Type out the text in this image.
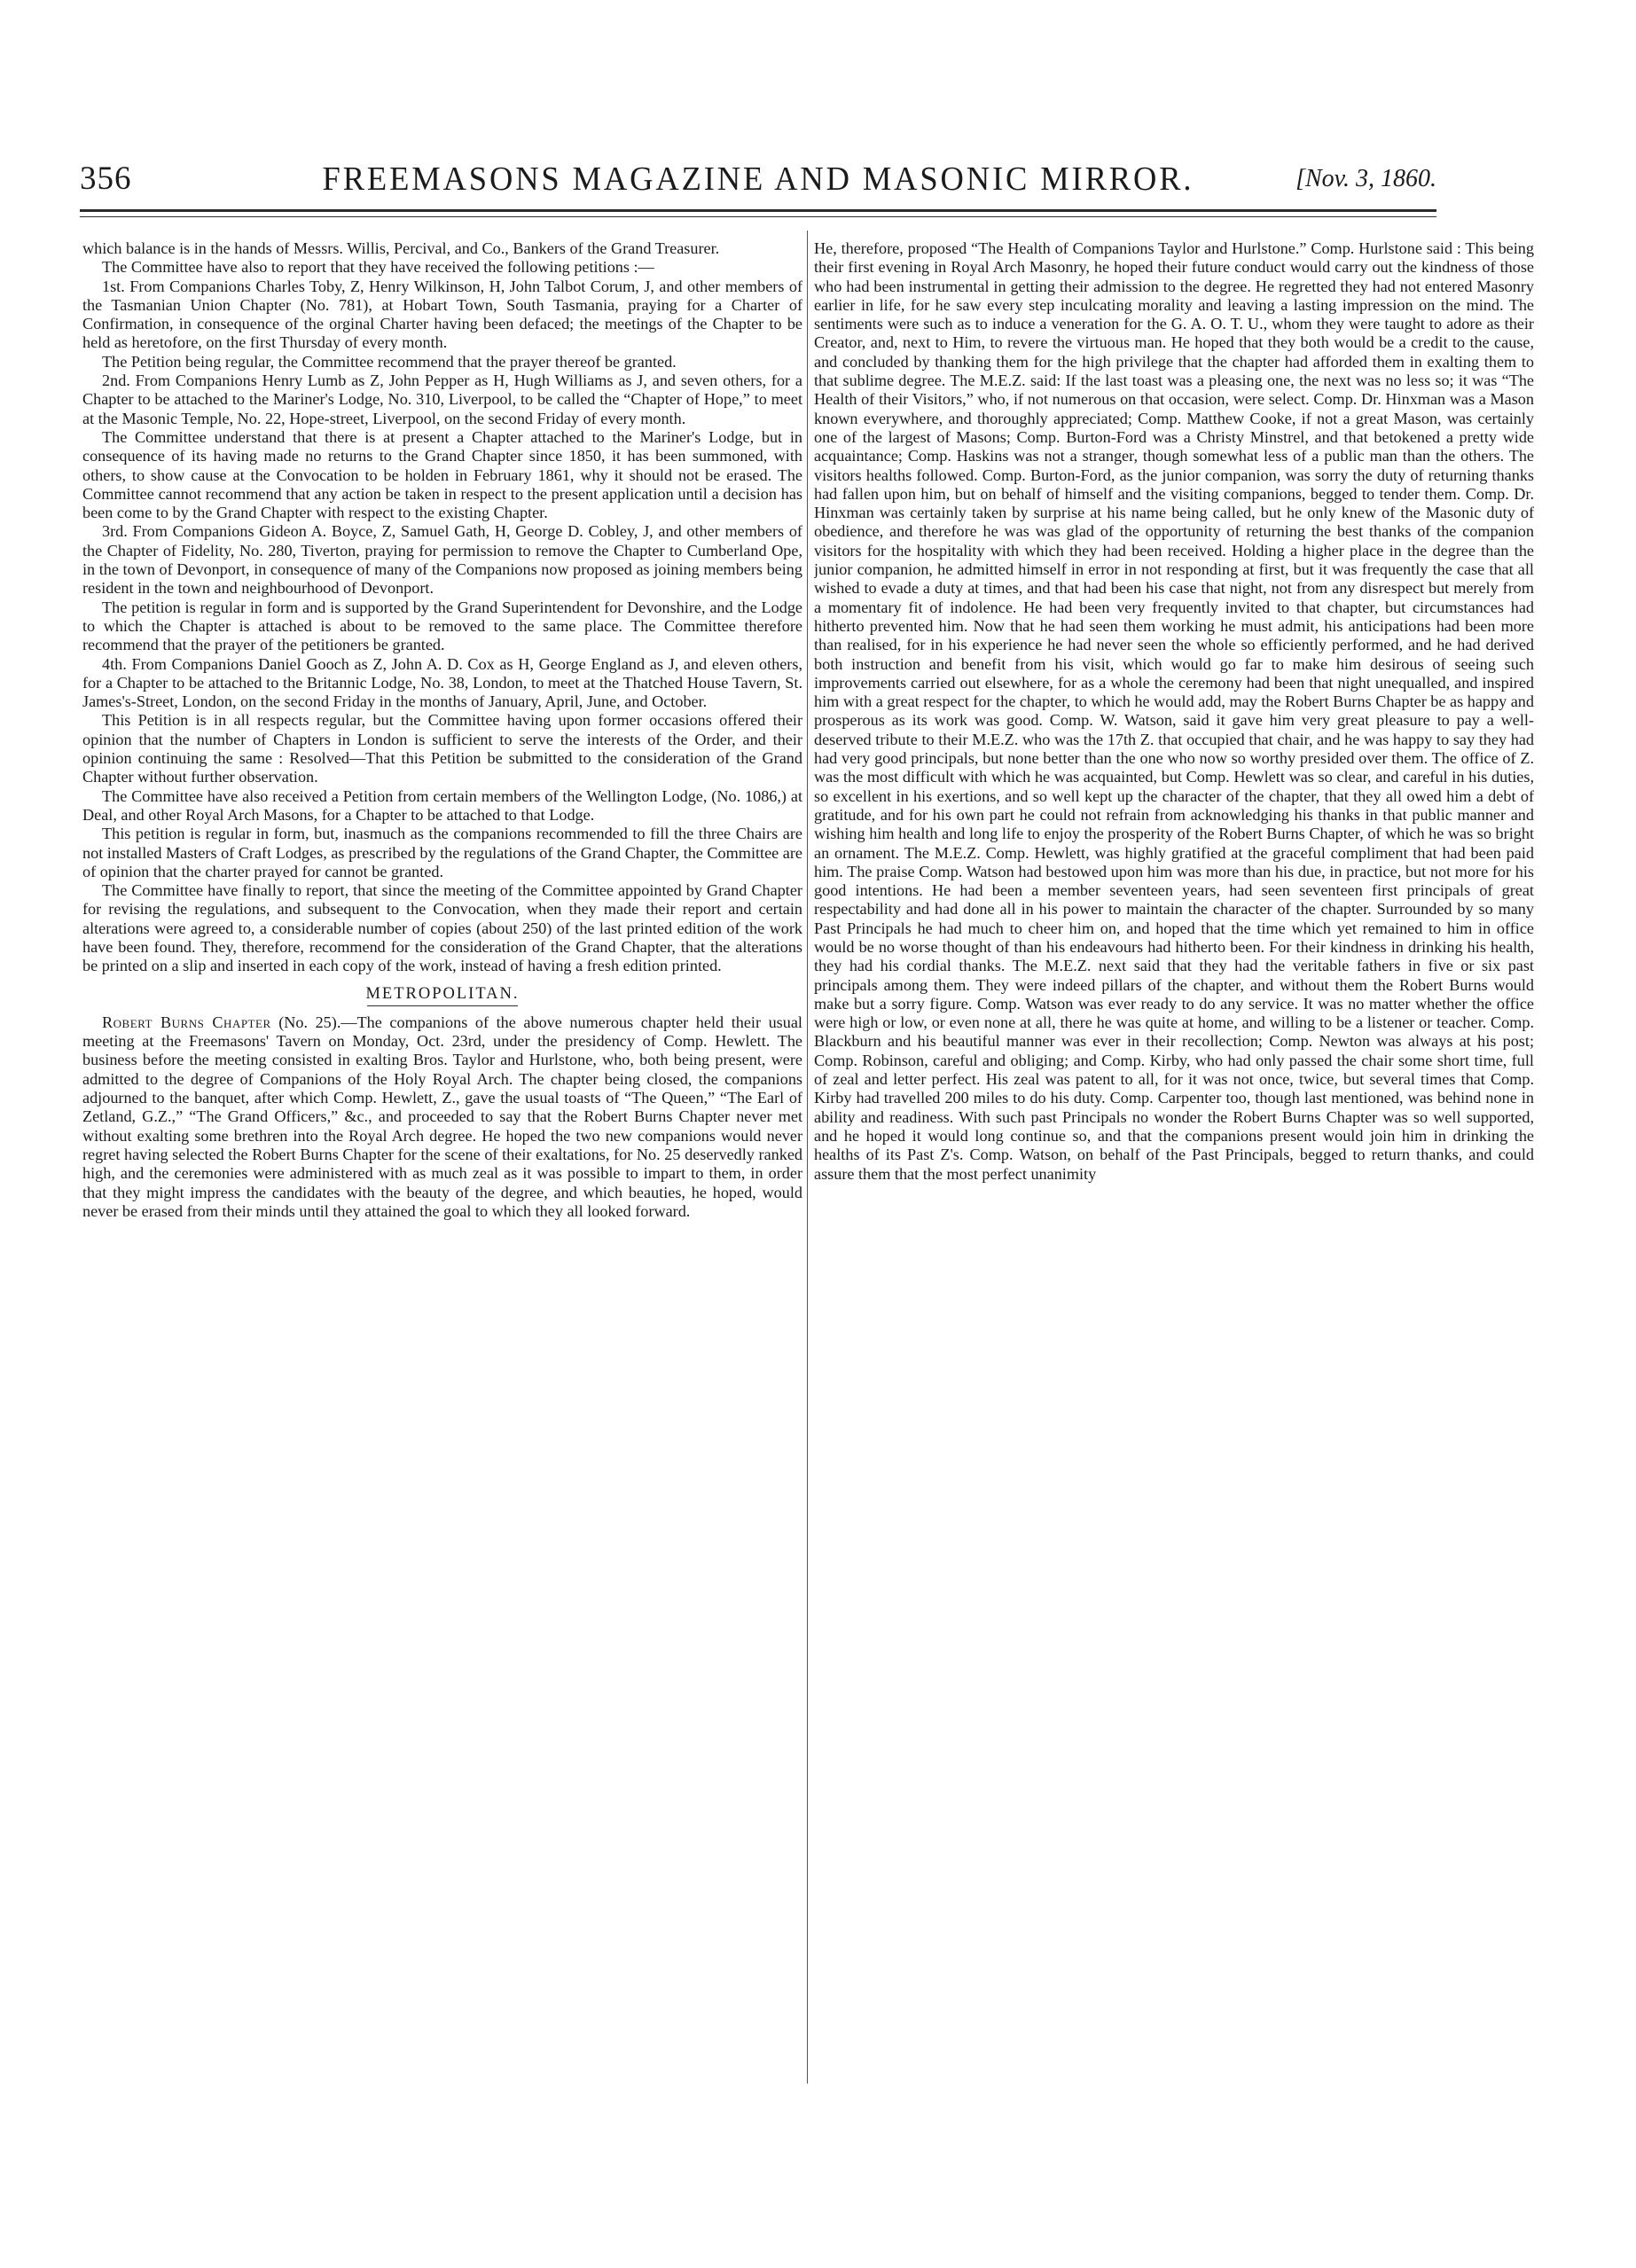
356	FREEMASONS MAGAZINE AND MASONIC MIRROR.	[Nov. 3, 1860.

which balance is in the hands of Messrs. Willis, Percival, and Co., Bankers of the Grand Treasurer.

The Committee have also to report that they have received the following petitions :—

1st. From Companions Charles Toby, Z, Henry Wilkinson, H, John Talbot Corum, J, and other members of the Tasmanian Union Chapter (No. 781), at Hobart Town, South Tasmania, praying for a Charter of Confirmation, in consequence of the orginal Charter having been defaced; the meetings of the Chapter to be held as heretofore, on the first Thursday of every month.

The Petition being regular, the Committee recommend that the prayer thereof be granted.

2nd. From Companions Henry Lumb as Z, John Pepper as H, Hugh Williams as J, and seven others, for a Chapter to be attached to the Mariner's Lodge, No. 310, Liverpool, to be called the “Chapter of Hope,” to meet at the Masonic Temple, No. 22, Hope-street, Liverpool, on the second Friday of every month.

The Committee understand that there is at present a Chapter attached to the Mariner's Lodge, but in consequence of its having made no returns to the Grand Chapter since 1850, it has been summoned, with others, to show cause at the Convocation to be holden in February 1861, why it should not be erased. The Committee cannot recommend that any action be taken in respect to the present application until a decision has been come to by the Grand Chapter with respect to the existing Chapter.

3rd. From Companions Gideon A. Boyce, Z, Samuel Gath, H, George D. Cobley, J, and other members of the Chapter of Fidelity, No. 280, Tiverton, praying for permission to remove the Chapter to Cumberland Ope, in the town of Devonport, in consequence of many of the Companions now proposed as joining members being resident in the town and neighbourhood of Devonport.

The petition is regular in form and is supported by the Grand Superintendent for Devonshire, and the Lodge to which the Chapter is attached is about to be removed to the same place. The Committee therefore recommend that the prayer of the petitioners be granted.

4th. From Companions Daniel Gooch as Z, John A. D. Cox as H, George England as J, and eleven others, for a Chapter to be attached to the Britannic Lodge, No. 38, London, to meet at the Thatched House Tavern, St. James's-Street, London, on the second Friday in the months of January, April, June, and October.

This Petition is in all respects regular, but the Committee having upon former occasions offered their opinion that the number of Chapters in London is sufficient to serve the interests of the Order, and their opinion continuing the same : Resolved—That this Petition be submitted to the consideration of the Grand Chapter without further observation.

The Committee have also received a Petition from certain members of the Wellington Lodge, (No. 1086,) at Deal, and other Royal Arch Masons, for a Chapter to be attached to that Lodge.

This petition is regular in form, but, inasmuch as the companions recommended to fill the three Chairs are not installed Masters of Craft Lodges, as prescribed by the regulations of the Grand Chapter, the Committee are of opinion that the charter prayed for cannot be granted.

The Committee have finally to report, that since the meeting of the Committee appointed by Grand Chapter for revising the regulations, and subsequent to the Convocation, when they made their report and certain alterations were agreed to, a considerable number of copies (about 250) of the last printed edition of the work have been found. They, therefore, recommend for the consideration of the Grand Chapter, that the alterations be printed on a slip and inserted in each copy of the work, instead of having a fresh edition printed.

METROPOLITAN.

Robert Burns Chapter (No. 25).—The companions of the above numerous chapter held their usual meeting at the Freemasons' Tavern on Monday, Oct. 23rd, under the presidency of Comp. Hewlett. The business before the meeting consisted in exalting Bros. Taylor and Hurlstone, who, both being present, were admitted to the degree of Companions of the Holy Royal Arch. The chapter being closed, the companions adjourned to the banquet, after which Comp. Hewlett, Z., gave the usual toasts of “The Queen,” “The Earl of Zetland, G.Z.,” “The Grand Officers,” &c., and proceeded to say that the Robert Burns Chapter never met without exalting some brethren into the Royal Arch degree. He hoped the two new companions would never regret having selected the Robert Burns Chapter for the scene of their exaltations, for No. 25 deservedly ranked high, and the ceremonies were administered with as much zeal as it was possible to impart to them, in order that they might impress the candidates with the beauty of the degree, and which beauties, he hoped, would never be erased from their minds until they attained the goal to which they all looked forward.

He, therefore, proposed “The Health of Companions Taylor and Hurlstone.” Comp. Hurlstone said : This being their first evening in Royal Arch Masonry, he hoped their future conduct would carry out the kindness of those who had been instrumental in getting their admission to the degree. He regretted they had not entered Masonry earlier in life, for he saw every step inculcating morality and leaving a lasting impression on the mind. The sentiments were such as to induce a veneration for the G. A. O. T. U., whom they were taught to adore as their Creator, and, next to Him, to revere the virtuous man. He hoped that they both would be a credit to the cause, and concluded by thanking them for the high privilege that the chapter had afforded them in exalting them to that sublime degree. The M.E.Z. said: If the last toast was a pleasing one, the next was no less so; it was “The Health of their Visitors,” who, if not numerous on that occasion, were select. Comp. Dr. Hinxman was a Mason known everywhere, and thoroughly appreciated; Comp. Matthew Cooke, if not a great Mason, was certainly one of the largest of Masons; Comp. Burton-Ford was a Christy Minstrel, and that betokened a pretty wide acquaintance; Comp. Haskins was not a stranger, though somewhat less of a public man than the others. The visitors healths followed. Comp. Burton-Ford, as the junior companion, was sorry the duty of returning thanks had fallen upon him, but on behalf of himself and the visiting companions, begged to tender them. Comp. Dr. Hinxman was certainly taken by surprise at his name being called, but he only knew of the Masonic duty of obedience, and therefore he was was glad of the opportunity of returning the best thanks of the companion visitors for the hospitality with which they had been received. Holding a higher place in the degree than the junior companion, he admitted himself in error in not responding at first, but it was frequently the case that all wished to evade a duty at times, and that had been his case that night, not from any disrespect but merely from a momentary fit of indolence. He had been very frequently invited to that chapter, but circumstances had hitherto prevented him. Now that he had seen them working he must admit, his anticipations had been more than realised, for in his experience he had never seen the whole so efficiently performed, and he had derived both instruction and benefit from his visit, which would go far to make him desirous of seeing such improvements carried out elsewhere, for as a whole the ceremony had been that night unequalled, and inspired him with a great respect for the chapter, to which he would add, may the Robert Burns Chapter be as happy and prosperous as its work was good. Comp. W. Watson, said it gave him very great pleasure to pay a well-deserved tribute to their M.E.Z. who was the 17th Z. that occupied that chair, and he was happy to say they had had very good principals, but none better than the one who now so worthy presided over them. The office of Z. was the most difficult with which he was acquainted, but Comp. Hewlett was so clear, and careful in his duties, so excellent in his exertions, and so well kept up the character of the chapter, that they all owed him a debt of gratitude, and for his own part he could not refrain from acknowledging his thanks in that public manner and wishing him health and long life to enjoy the prosperity of the Robert Burns Chapter, of which he was so bright an ornament. The M.E.Z. Comp. Hewlett, was highly gratified at the graceful compliment that had been paid him. The praise Comp. Watson had bestowed upon him was more than his due, in practice, but not more for his good intentions. He had been a member seventeen years, had seen seventeen first principals of great respectability and had done all in his power to maintain the character of the chapter. Surrounded by so many Past Principals he had much to cheer him on, and hoped that the time which yet remained to him in office would be no worse thought of than his endeavours had hitherto been. For their kindness in drinking his health, they had his cordial thanks. The M.E.Z. next said that they had the veritable fathers in five or six past principals among them. They were indeed pillars of the chapter, and without them the Robert Burns would make but a sorry figure. Comp. Watson was ever ready to do any service. It was no matter whether the office were high or low, or even none at all, there he was quite at home, and willing to be a listener or teacher. Comp. Blackburn and his beautiful manner was ever in their recollection; Comp. Newton was always at his post; Comp. Robinson, careful and obliging; and Comp. Kirby, who had only passed the chair some short time, full of zeal and letter perfect. His zeal was patent to all, for it was not once, twice, but several times that Comp. Kirby had travelled 200 miles to do his duty. Comp. Carpenter too, though last mentioned, was behind none in ability and readiness. With such past Principals no wonder the Robert Burns Chapter was so well supported, and he hoped it would long continue so, and that the companions present would join him in drinking the healths of its Past Z's. Comp. Watson, on behalf of the Past Principals, begged to return thanks, and could assure them that the most perfect unanimity
